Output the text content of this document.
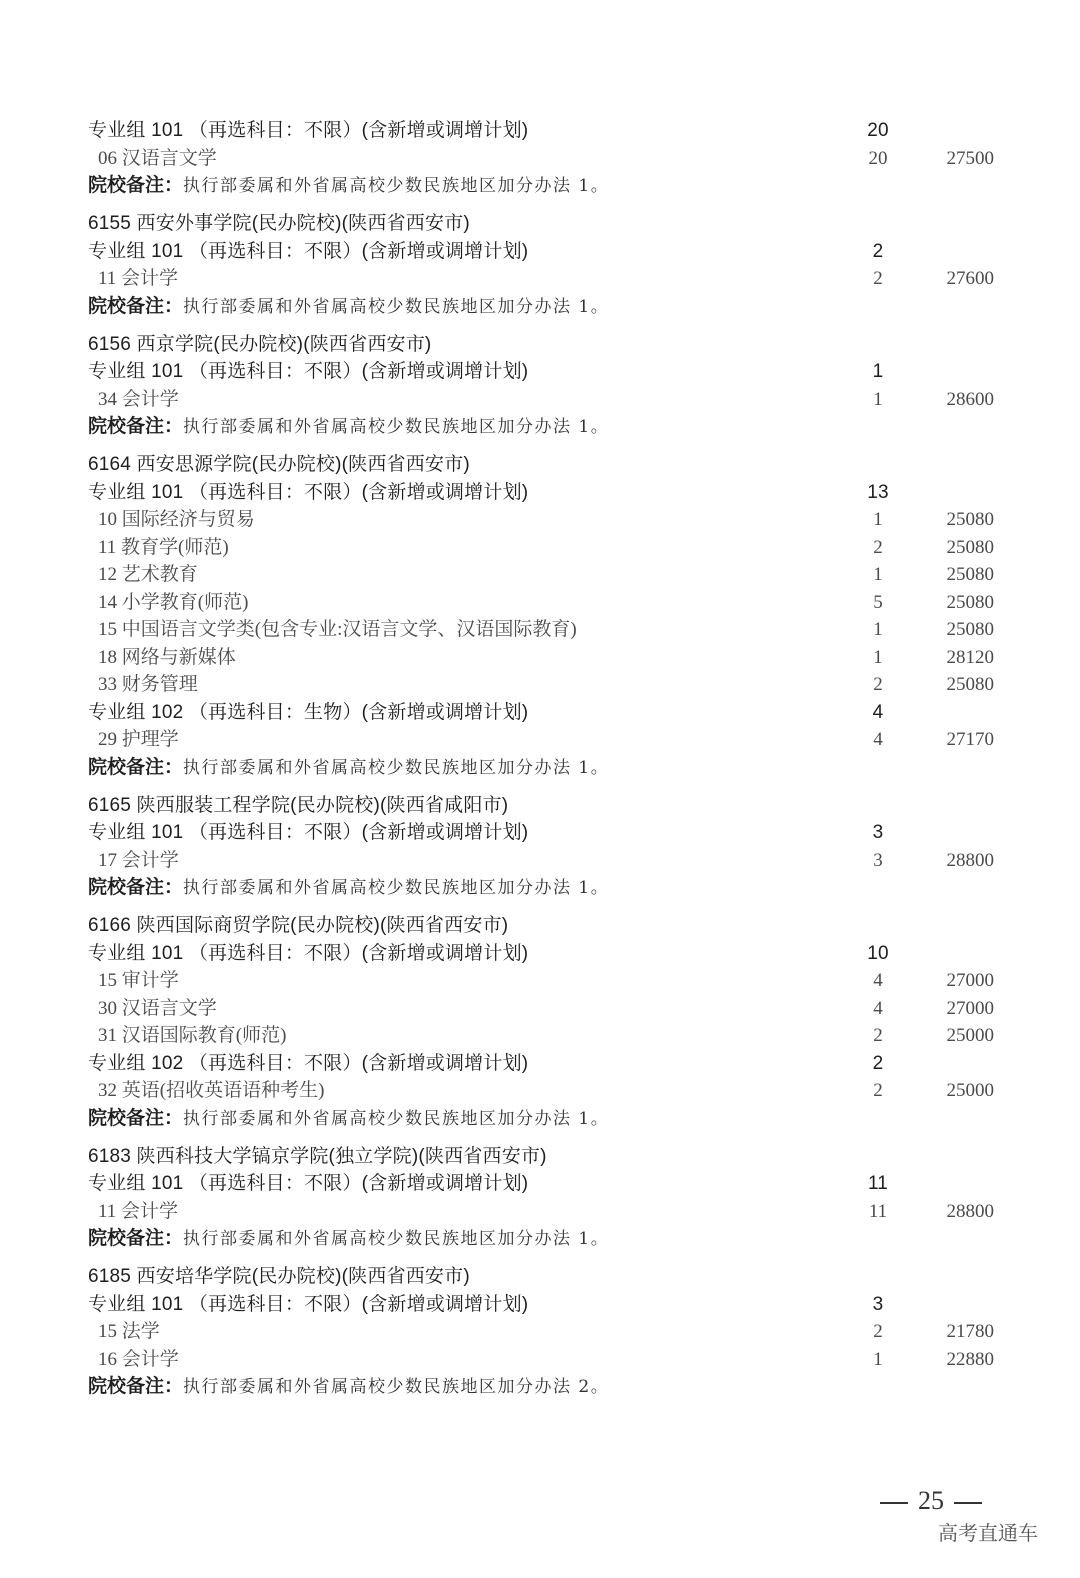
专业组 101 （再选科目：不限）(含新增或调增计划)	20
06 汉语言文学	20	27500
院校备注：执行部委属和外省属高校少数民族地区加分办法 1。
6155 西安外事学院(民办院校)(陕西省西安市)
专业组 101 （再选科目：不限）(含新增或调增计划)	2
11 会计学	2	27600
院校备注：执行部委属和外省属高校少数民族地区加分办法 1。
6156 西京学院(民办院校)(陕西省西安市)
专业组 101 （再选科目：不限）(含新增或调增计划)	1
34 会计学	1	28600
院校备注：执行部委属和外省属高校少数民族地区加分办法 1。
6164 西安思源学院(民办院校)(陕西省西安市)
专业组 101 （再选科目：不限）(含新增或调增计划)	13
10 国际经济与贸易	1	25080
11 教育学(师范)	2	25080
12 艺术教育	1	25080
14 小学教育(师范)	5	25080
15 中国语言文学类(包含专业:汉语言文学、汉语国际教育)	1	25080
18 网络与新媒体	1	28120
33 财务管理	2	25080
专业组 102 （再选科目：生物）(含新增或调增计划)	4
29 护理学	4	27170
院校备注：执行部委属和外省属高校少数民族地区加分办法 1。
6165 陕西服装工程学院(民办院校)(陕西省咸阳市)
专业组 101 （再选科目：不限）(含新增或调增计划)	3
17 会计学	3	28800
院校备注：执行部委属和外省属高校少数民族地区加分办法 1。
6166 陕西国际商贸学院(民办院校)(陕西省西安市)
专业组 101 （再选科目：不限）(含新增或调增计划)	10
15 审计学	4	27000
30 汉语言文学	4	27000
31 汉语国际教育(师范)	2	25000
专业组 102 （再选科目：不限）(含新增或调增计划)	2
32 英语(招收英语语种考生)	2	25000
院校备注：执行部委属和外省属高校少数民族地区加分办法 1。
6183 陕西科技大学镐京学院(独立学院)(陕西省西安市)
专业组 101 （再选科目：不限）(含新增或调增计划)	11
11 会计学	11	28800
院校备注：执行部委属和外省属高校少数民族地区加分办法 1。
6185 西安培华学院(民办院校)(陕西省西安市)
专业组 101 （再选科目：不限）(含新增或调增计划)	3
15 法学	2	21780
16 会计学	1	22880
院校备注：执行部委属和外省属高校少数民族地区加分办法 2。
25
高考直通车
